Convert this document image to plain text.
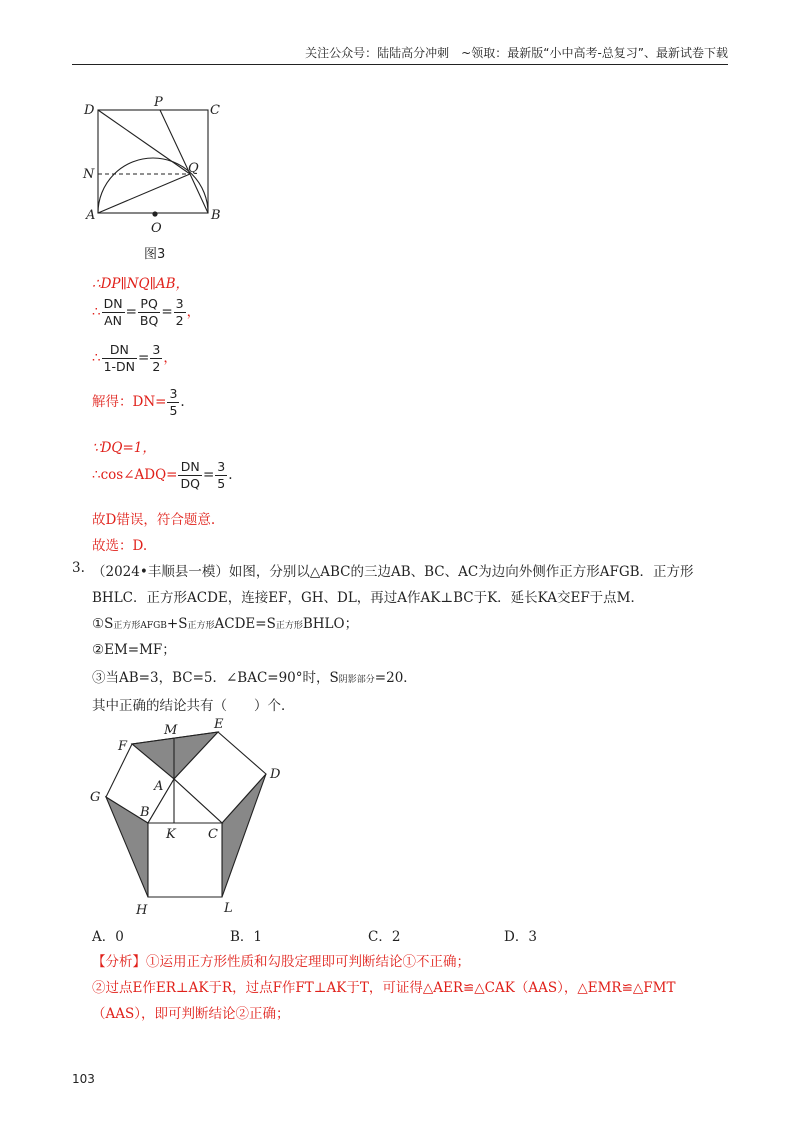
关注公众号：陆陆高分冲刺　~领取：最新版“小中高考-总复习”、最新试卷下载
D
P
C
N	Q
A
O
B
图3
∴DP∥NQ∥AB，
∴ $\frac{DN}{AN} = \frac{PQ}{BQ} = \frac{3}{2}$ ，
∴ $\frac{DN}{1-DN} = \frac{3}{2}$ ，
解得：$DN= \frac{3}{5}$ .
∵DQ=1，
∴cos∠ADQ= $\frac{DN}{DQ} = \frac{3}{5}$ .
故D错误，符合题意.
故选：D.
3. （2024•丰顺县一模）如图，分别以△ABC的三边AB、BC、AC为边向外侧作正方形AFGB．正方形
BHLC．正方形ACDE，连接EF，GH、DL，再过A作AK⊥BC于K．延长KA交EF于点M．
①S正方形AFGB+S正方形ACDE=S正方形BHLO；
②EM=MF；
③当AB=3，BC=5．∠BAC=90°时，S阴影部分=20．
其中正确的结论共有（　　）个．
M	E
F
D
A
G
B
K C
H	L
A．0	B．1	C．2	D．3
【分析】①运用正方形性质和勾股定理即可判断结论①不正确；
②过点E作ER⊥AK于R，过点F作FT⊥AK于T，可证得△AER≌△CAK（AAS），△EMR≌△FMT
（AAS），即可判断结论②正确；
103
